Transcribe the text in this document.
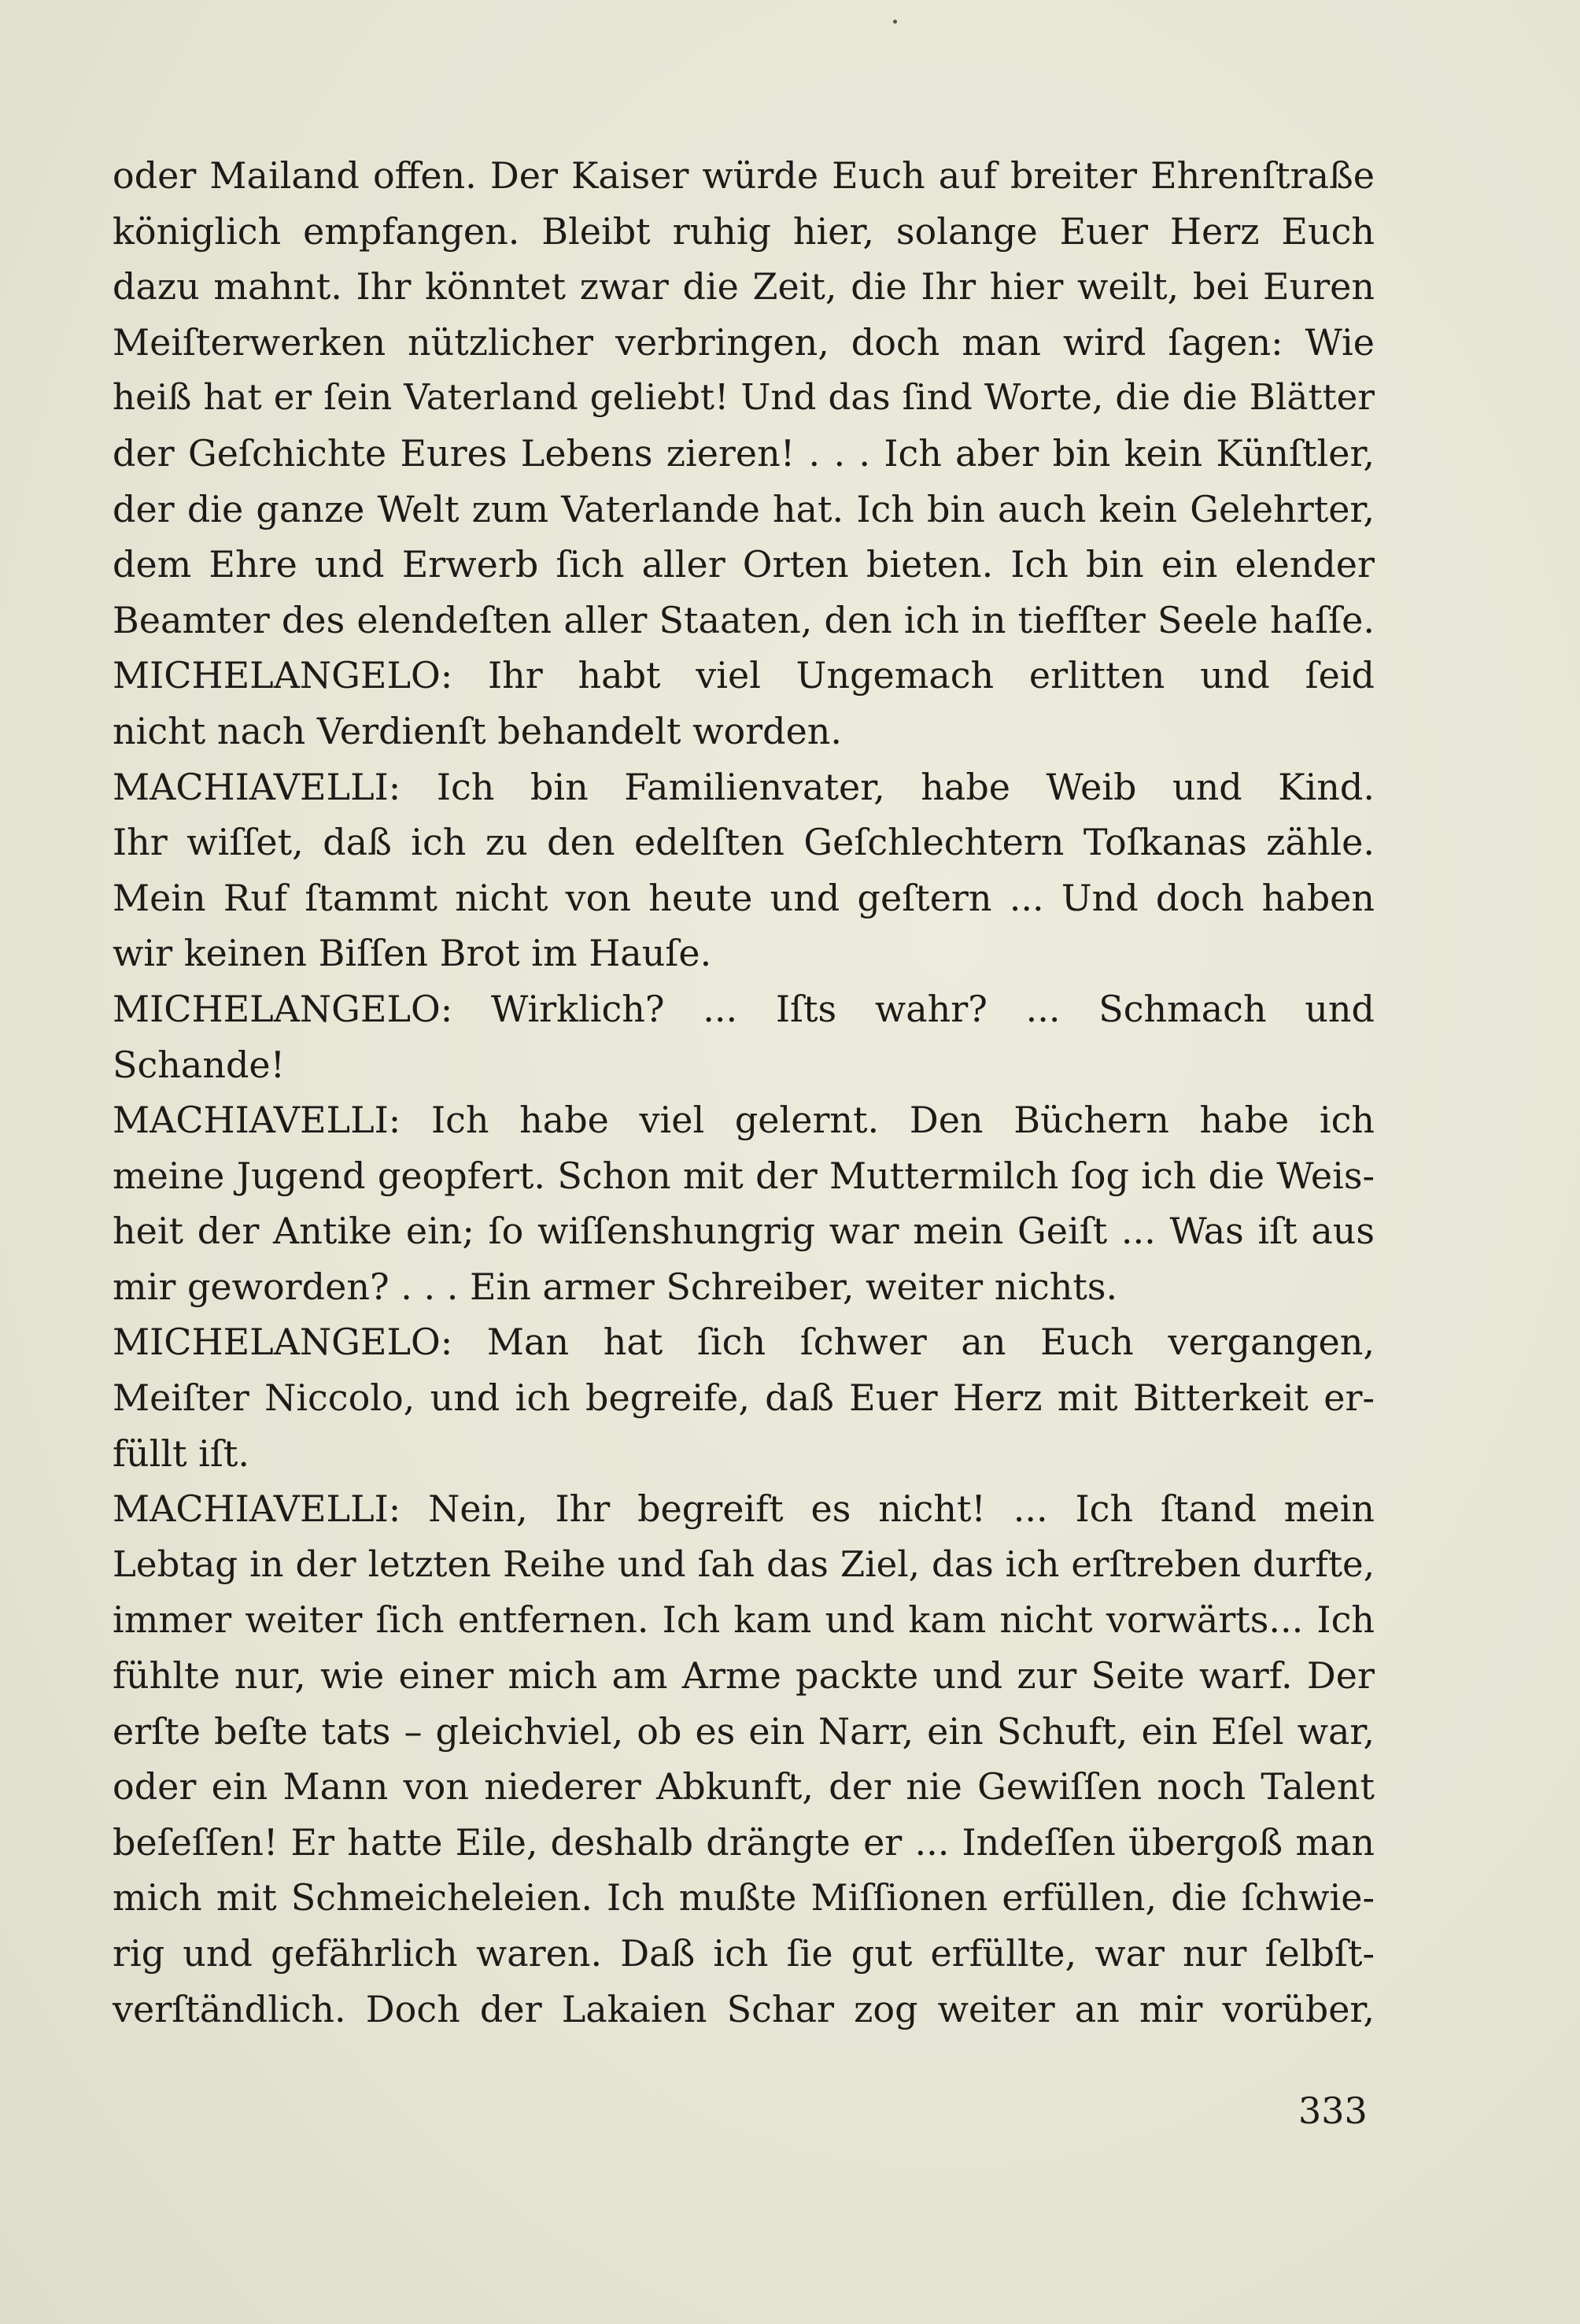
oder Mailand offen. Der Kaiser würde Euch auf breiter Ehrenſtraße
königlich empfangen. Bleibt ruhig hier, solange Euer Herz Euch
dazu mahnt. Ihr könntet zwar die Zeit, die Ihr hier weilt, bei Euren
Meiſterwerken nützlicher verbringen, doch man wird ſagen: Wie
heiß hat er ſein Vaterland geliebt! Und das ſind Worte, die die Blätter
der Geſchichte Eures Lebens zieren! . . . Ich aber bin kein Künſtler,
der die ganze Welt zum Vaterlande hat. Ich bin auch kein Gelehrter,
dem Ehre und Erwerb ſich aller Orten bieten. Ich bin ein elender
Beamter des elendeſten aller Staaten, den ich in tiefſter Seele haſſe.
MICHELANGELO: Ihr habt viel Ungemach erlitten und ſeid
nicht nach Verdienſt behandelt worden.
MACHIAVELLI: Ich bin Familienvater, habe Weib und Kind.
Ihr wiſſet, daß ich zu den edelſten Geſchlechtern Toſkanas zähle.
Mein Ruf ſtammt nicht von heute und geſtern ... Und doch haben
wir keinen Biſſen Brot im Hauſe.
MICHELANGELO: Wirklich? ... Iſts wahr? ... Schmach und
Schande!
MACHIAVELLI: Ich habe viel gelernt. Den Büchern habe ich
meine Jugend geopfert. Schon mit der Muttermilch ſog ich die Weis-
heit der Antike ein; ſo wiſſenshungrig war mein Geiſt ... Was iſt aus
mir geworden? . . . Ein armer Schreiber, weiter nichts.
MICHELANGELO: Man hat ſich ſchwer an Euch vergangen,
Meiſter Niccolo, und ich begreife, daß Euer Herz mit Bitterkeit er-
füllt iſt.
MACHIAVELLI: Nein, Ihr begreift es nicht! ... Ich ſtand mein
Lebtag in der letzten Reihe und ſah das Ziel, das ich erſtreben durfte,
immer weiter ſich entfernen. Ich kam und kam nicht vorwärts... Ich
fühlte nur, wie einer mich am Arme packte und zur Seite warf. Der
erſte beſte tats – gleichviel, ob es ein Narr, ein Schuft, ein Eſel war,
oder ein Mann von niederer Abkunft, der nie Gewiſſen noch Talent
beſeſſen! Er hatte Eile, deshalb drängte er ... Indeſſen übergoß man
mich mit Schmeicheleien. Ich mußte Miſſionen erfüllen, die ſchwie-
rig und gefährlich waren. Daß ich ſie gut erfüllte, war nur ſelbſt-
verſtändlich. Doch der Lakaien Schar zog weiter an mir vorüber,
333
